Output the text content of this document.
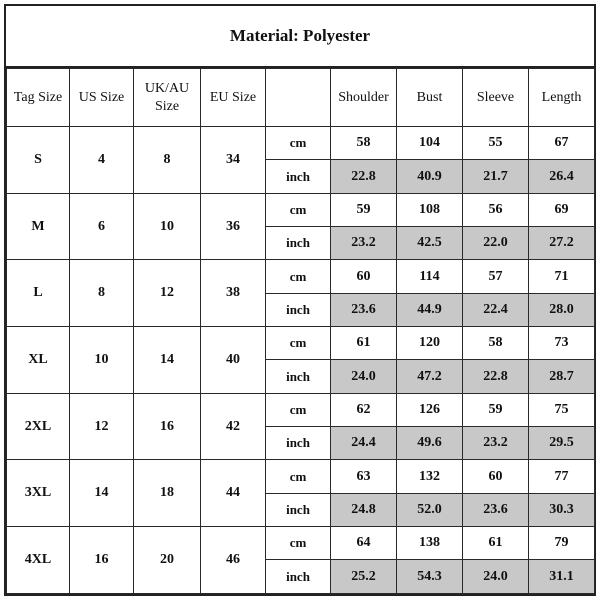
Material: Polyester
Tag Size	US Size	UK/AU Size	EU Size		Shoulder	Bust	Sleeve	Length
S	4	8	34	cm	58	104	55	67
				inch	22.8	40.9	21.7	26.4
M	6	10	36	cm	59	108	56	69
				inch	23.2	42.5	22.0	27.2
L	8	12	38	cm	60	114	57	71
				inch	23.6	44.9	22.4	28.0
XL	10	14	40	cm	61	120	58	73
				inch	24.0	47.2	22.8	28.7
2XL	12	16	42	cm	62	126	59	75
				inch	24.4	49.6	23.2	29.5
3XL	14	18	44	cm	63	132	60	77
				inch	24.8	52.0	23.6	30.3
4XL	16	20	46	cm	64	138	61	79
				inch	25.2	54.3	24.0	31.1
